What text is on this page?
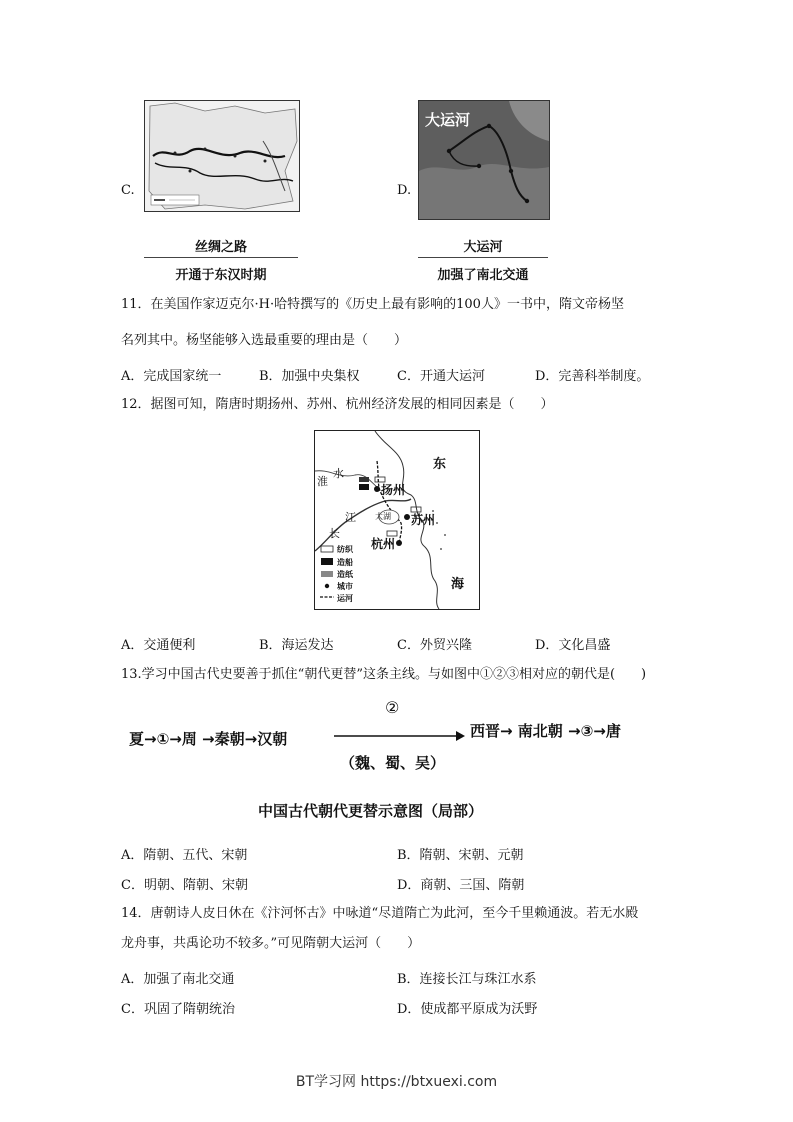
C.
丝绸之路
开通于东汉时期
D.
大运河
大运河
加强了南北交通
11．在美国作家迈克尔·H·哈特撰写的《历史上最有影响的100人》一书中，隋文帝杨坚
名列其中。杨坚能够入选最重要的理由是（　　）
A．完成国家统一	B．加强中央集权	C．开通大运河	D．完善科举制度。
12．据图可知，隋唐时期扬州、苏州、杭州经济发展的相同因素是（　　）
东
海
淮
水
长
江 太湖
扬州
苏州
杭州
纺织
造船
造纸
城市
运河
A．交通便利	B．海运发达	C．外贸兴隆	D．文化昌盛
13.学习中国古代史要善于抓住“朝代更替”这条主线。与如图中①②③相对应的朝代是(　　)
②
夏→①→周 →秦朝→汉朝	西晋→ 南北朝 →③→唐
（魏、蜀、吴）
中国古代朝代更替示意图（局部）
A．隋朝、五代、宋朝	B．隋朝、宋朝、元朝
C．明朝、隋朝、宋朝	D．商朝、三国、隋朝
14．唐朝诗人皮日休在《汴河怀古》中咏道“尽道隋亡为此河，至今千里赖通波。若无水殿
龙舟事，共禹论功不较多。”可见隋朝大运河（　　）
A．加强了南北交通	B．连接长江与珠江水系
C．巩固了隋朝统治	D．使成都平原成为沃野
BT学习网 https://btxuexi.com
